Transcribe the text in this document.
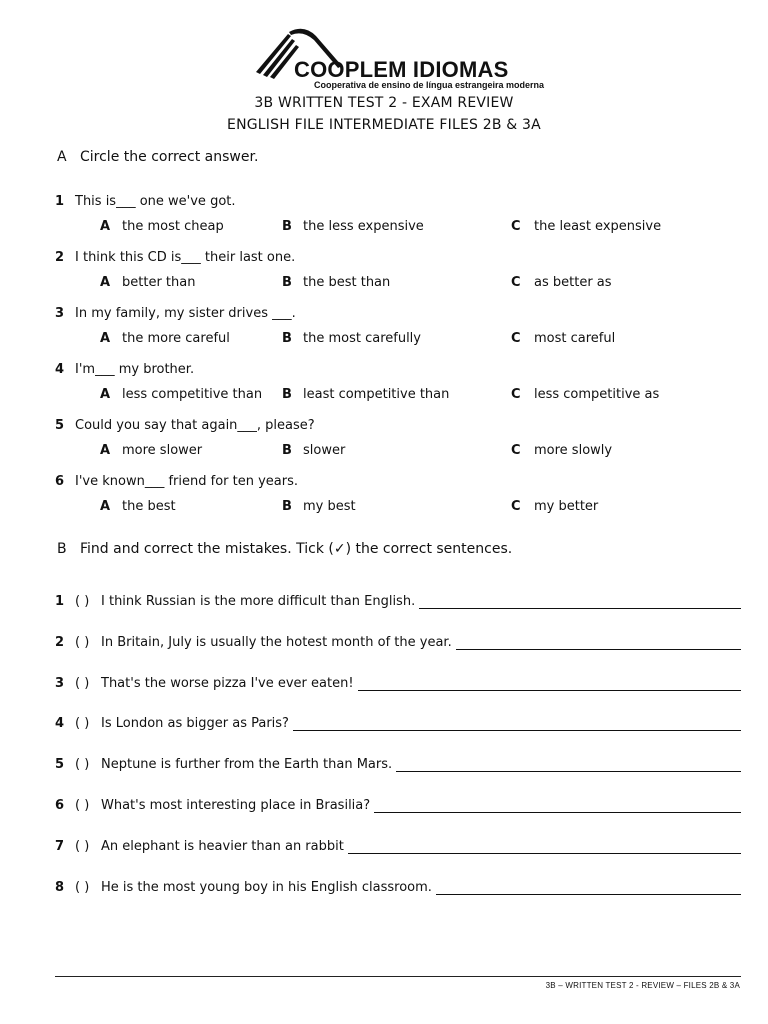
COOPLEM IDIOMAS
Cooperativa de ensino de língua estrangeira moderna
3B WRITTEN TEST 2 - EXAM REVIEW
ENGLISH FILE INTERMEDIATE FILES 2B & 3A
A Circle the correct answer.
1 This is___ one we've got.
A the most cheap	B the less expensive	C the least expensive
2 I think this CD is___ their last one.
A better than	B the best than	C as better as
3 In my family, my sister drives ___.
A the more careful	B the most carefully	C most careful
4 I'm___ my brother.
A less competitive than B least competitive than	C less competitive as
5 Could you say that again___, please?
A more slower	B slower	C more slowly
6 I've known___ friend for ten years.
A the best	B my best	C my better
B Find and correct the mistakes. Tick (✓) the correct sentences.
1 ( ) I think Russian is the more difficult than English.
2 ( ) In Britain, July is usually the hotest month of the year.
3 ( ) That's the worse pizza I've ever eaten!
4 ( ) Is London as bigger as Paris?
5 ( ) Neptune is further from the Earth than Mars.
6 ( ) What's most interesting place in Brasilia?
7 ( ) An elephant is heavier than an rabbit
8 ( ) He is the most young boy in his English classroom.
3B – WRITTEN TEST 2 - REVIEW – FILES 2B & 3A
